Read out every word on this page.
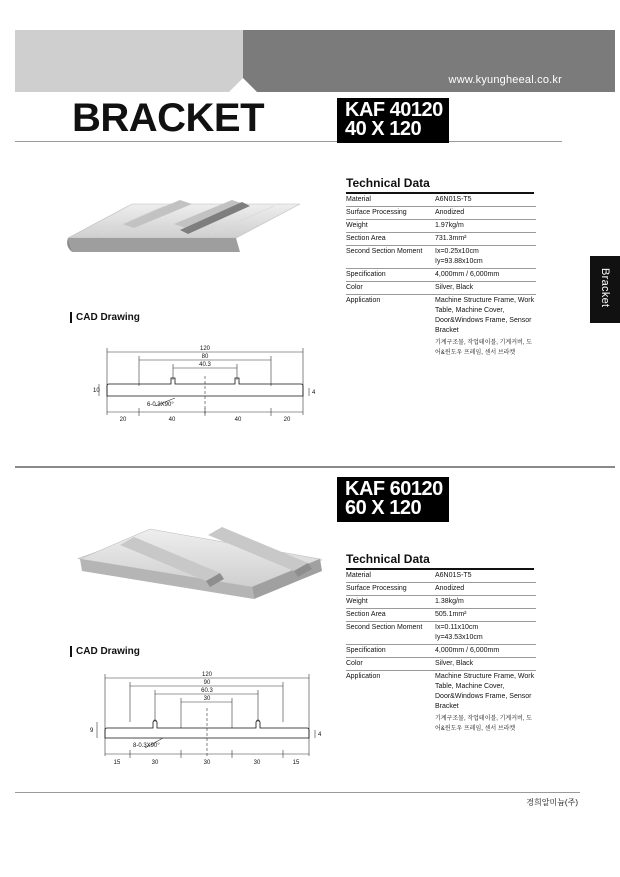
www.kyungheeal.co.kr
BRACKET
Bracket
KAF 40120
40 X 120
Technical Data
Material	A6N01S-T5
Surface Processing	Anodized
Weight	1.97kg/m
Section Area	731.3mm²
Second Section Moment	Ix=0.25x10cm
Iy=93.88x10cm

Specification	4,000mm / 6,000mm
Color	Silver, Black
Application	Machine Structure Frame, Work Table, Machine Cover, Door&Windows Frame, Sensor Bracket
기계구조물, 작업테이블, 기계커버, 도어&윈도우 프레임, 센서 브라켓
CAD Drawing
120
80
40.3
10	4
6-0.3X90°
20	40	40	20
KAF 60120
60 X 120
Technical Data
Material	A6N01S-T5
Surface Processing	Anodized
Weight	1.38kg/m
Section Area	505.1mm²
Second Section Moment	Ix=0.11x10cm
Iy=43.53x10cm

Specification	4,000mm / 6,000mm
Color	Silver, Black
Application	Machine Structure Frame, Work Table, Machine Cover, Door&Windows Frame, Sensor Bracket
기계구조물, 작업테이블, 기계커버, 도어&윈도우 프레임, 센서 브라켓
CAD Drawing
120
90
60.3
30
9
4
8-0.3X90°
15	30	30	30	15
경희알미늄(주)
